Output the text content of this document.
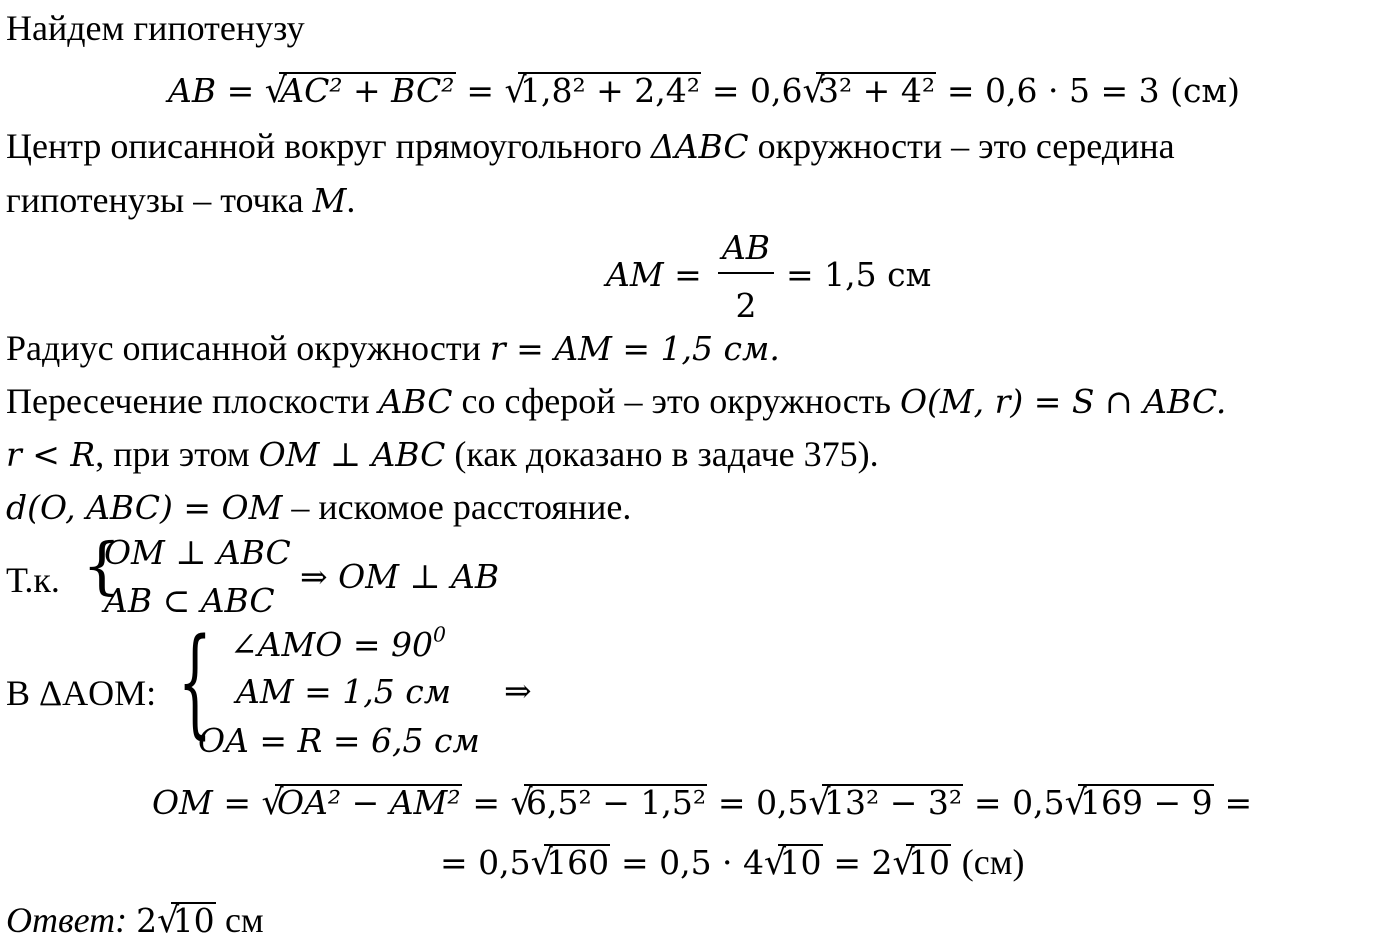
Найдем гипотенузу
AB = √
AC² + BC² = √
1,8² + 2,4² = 0,6 √
3² + 4² = 0,6 · 5 = 3 (см)
Центр описанной вокруг прямоугольного ΔABC окружности – это середина
гипотенузы – точка M.
AM =
AB
2
= 1,5 см
Радиус описанной окружности r = AM = 1,5 см.
Пересечение плоскости ABC со сферой – это окружность O(M, r) = S ∩ ABC.
r < R, при этом OM ⊥ ABC (как доказано в задаче 375).
d(O, ABC) = OM – искомое расстояние.
Т.к. {
OM ⊥ ABC
AB ⊂ ABC
⇒ OM ⊥ AB
В ΔAOM: { ∠AMO = $90^0$
AM = 1,5 см
OA = R = 6,5 см
⇒
OM = √
OA² − AM² = √
6,5² − 1,5² = 0,5 √
13² − 3² = 0,5 √
169 − 9 =
= 0,5 √
160 = 0,5 · 4 √
10 = 2 √
10 (см)
Ответ: 2 √
10 см
